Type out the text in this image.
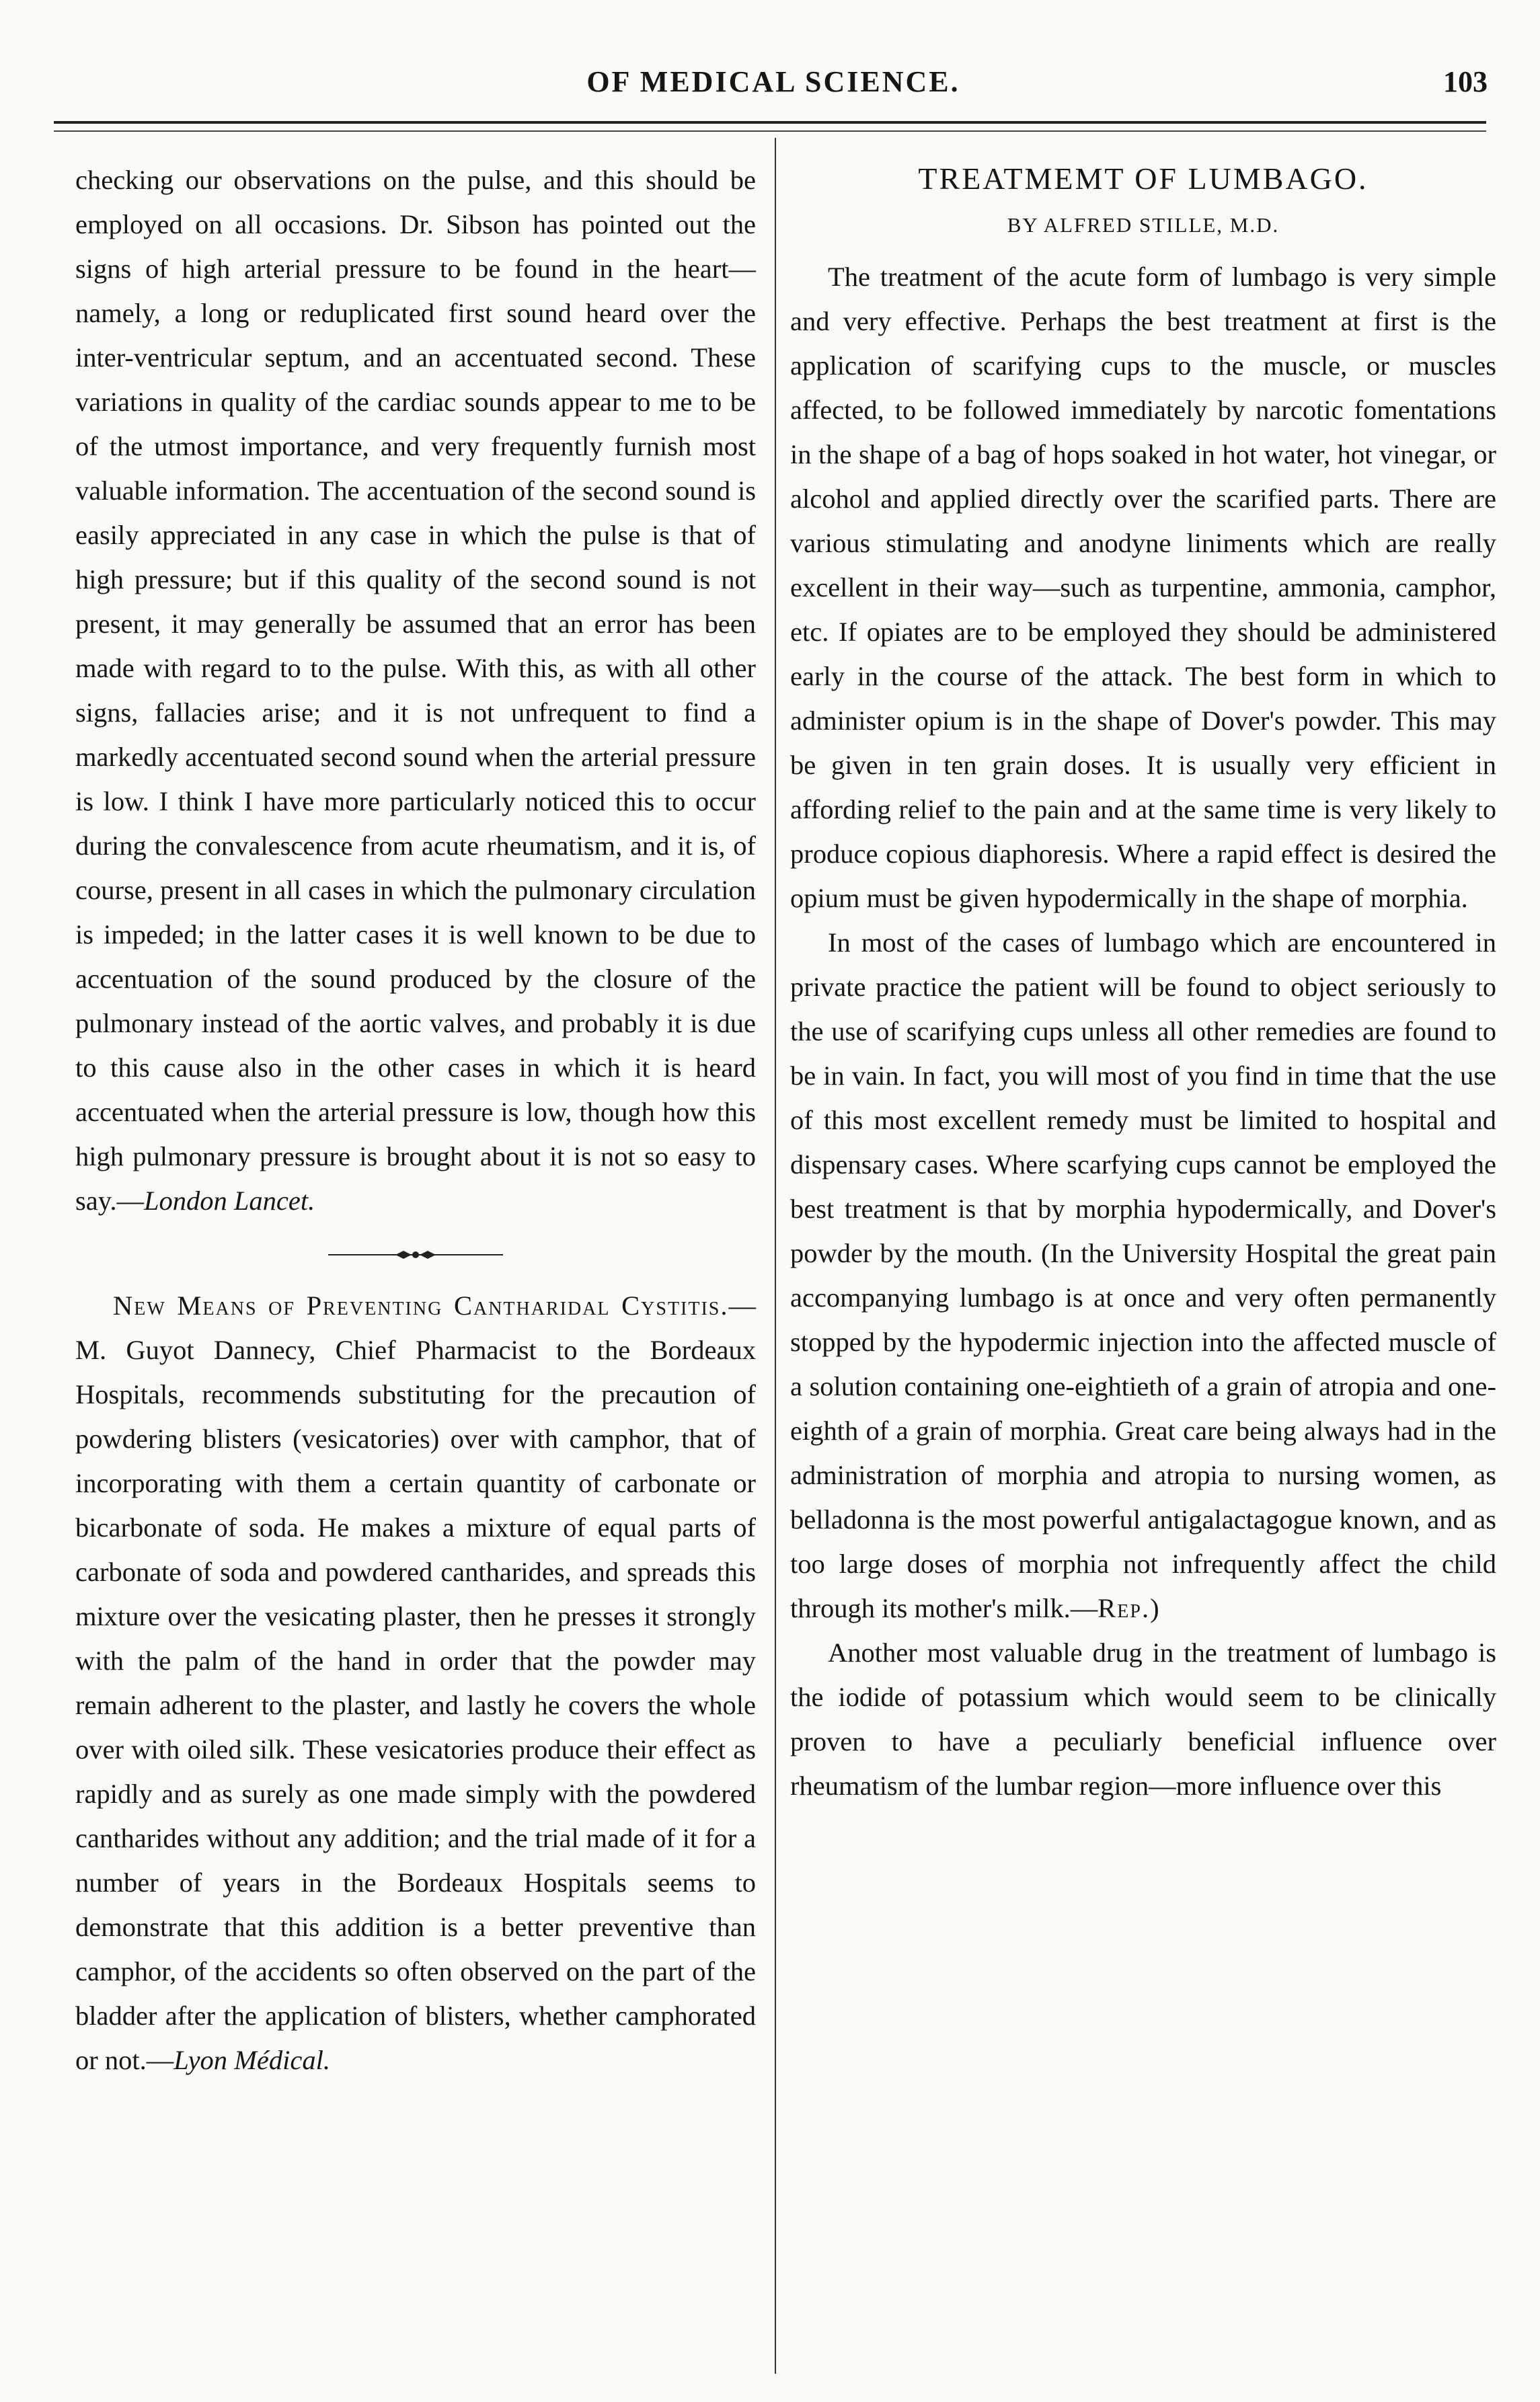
OF MEDICAL SCIENCE.	103

checking our observations on the pulse, and this should be employed on all occasions. Dr. Sibson has pointed out the signs of high arterial pressure to be found in the heart—namely, a long or reduplicated first sound heard over the inter-ventricular septum, and an accentuated second. These variations in quality of the cardiac sounds appear to me to be of the utmost importance, and very frequently furnish most valuable information. The accentuation of the second sound is easily appreciated in any case in which the pulse is that of high pressure; but if this quality of the second sound is not present, it may generally be assumed that an error has been made with regard to to the pulse. With this, as with all other signs, fallacies arise; and it is not unfrequent to find a markedly accentuated second sound when the arterial pressure is low. I think I have more particularly noticed this to occur during the convalescence from acute rheumatism, and it is, of course, present in all cases in which the pulmonary circulation is impeded; in the latter cases it is well known to be due to accentuation of the sound produced by the closure of the pulmonary instead of the aortic valves, and probably it is due to this cause also in the other cases in which it is heard accentuated when the arterial pressure is low, though how this high pulmonary pressure is brought about it is not so easy to say.—London Lancet.

New Means of Preventing Cantharidal Cystitis.—M. Guyot Dannecy, Chief Pharmacist to the Bordeaux Hospitals, recommends substituting for the precaution of powdering blisters (vesicatories) over with camphor, that of incorporating with them a certain quantity of carbonate or bicarbonate of soda. He makes a mixture of equal parts of carbonate of soda and powdered cantharides, and spreads this mixture over the vesicating plaster, then he presses it strongly with the palm of the hand in order that the powder may remain adherent to the plaster, and lastly he covers the whole over with oiled silk. These vesicatories produce their effect as rapidly and as surely as one made simply with the powdered cantharides without any addition; and the trial made of it for a number of years in the Bordeaux Hospitals seems to demonstrate that this addition is a better preventive than camphor, of the accidents so often observed on the part of the bladder after the application of blisters, whether camphorated or not.—Lyon Médical.

TREATMEMT OF LUMBAGO.
BY ALFRED STILLE, M.D.

The treatment of the acute form of lumbago is very simple and very effective. Perhaps the best treatment at first is the application of scarifying cups to the muscle, or muscles affected, to be followed immediately by narcotic fomentations in the shape of a bag of hops soaked in hot water, hot vinegar, or alcohol and applied directly over the scarified parts. There are various stimulating and anodyne liniments which are really excellent in their way—such as turpentine, ammonia, camphor, etc. If opiates are to be employed they should be administered early in the course of the attack. The best form in which to administer opium is in the shape of Dover's powder. This may be given in ten grain doses. It is usually very efficient in affording relief to the pain and at the same time is very likely to produce copious diaphoresis. Where a rapid effect is desired the opium must be given hypodermically in the shape of morphia.

In most of the cases of lumbago which are encountered in private practice the patient will be found to object seriously to the use of scarifying cups unless all other remedies are found to be in vain. In fact, you will most of you find in time that the use of this most excellent remedy must be limited to hospital and dispensary cases. Where scarfying cups cannot be employed the best treatment is that by morphia hypodermically, and Dover's powder by the mouth. (In the University Hospital the great pain accompanying lumbago is at once and very often permanently stopped by the hypodermic injection into the affected muscle of a solution containing one-eightieth of a grain of atropia and one-eighth of a grain of morphia. Great care being always had in the administration of morphia and atropia to nursing women, as belladonna is the most powerful antigalactagogue known, and as too large doses of morphia not infrequently affect the child through its mother's milk.—Rep.)

Another most valuable drug in the treatment of lumbago is the iodide of potassium which would seem to be clinically proven to have a peculiarly beneficial influence over rheumatism of the lumbar region—more influence over this
